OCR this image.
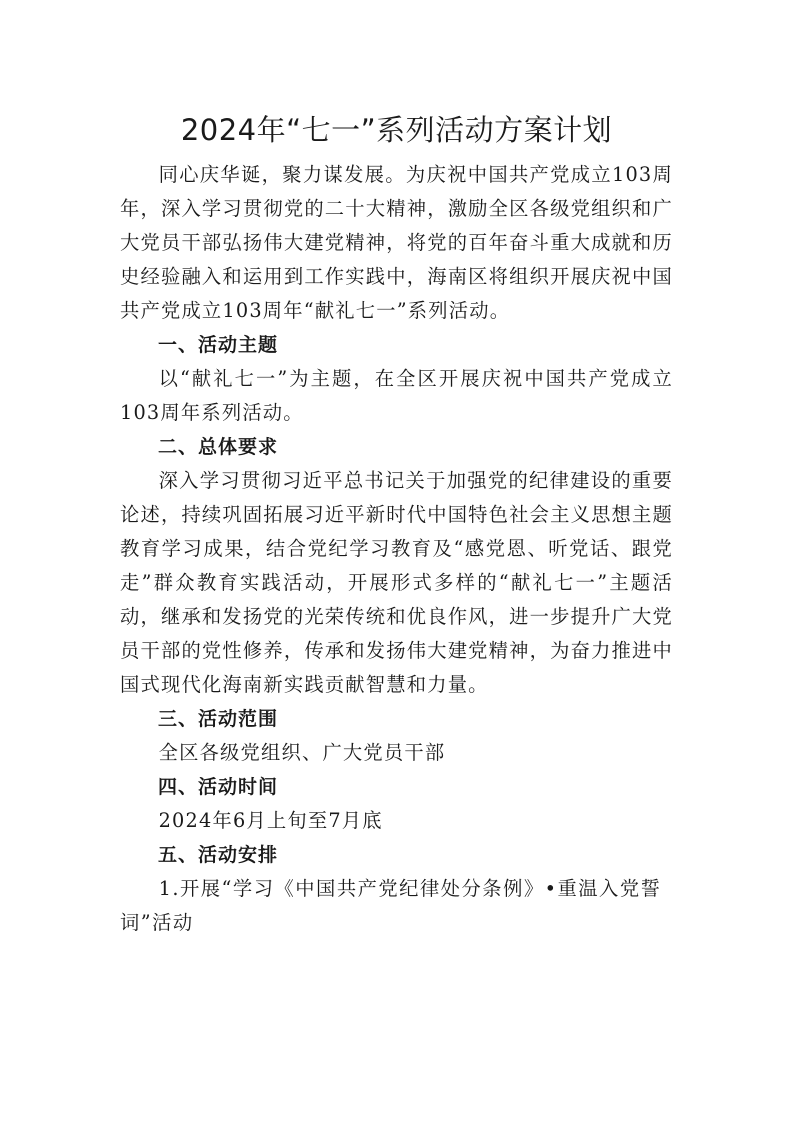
2024年“七一”系列活动方案计划

同心庆华诞，聚力谋发展。为庆祝中国共产党成立103周年，深入学习贯彻党的二十大精神，激励全区各级党组织和广大党员干部弘扬伟大建党精神，将党的百年奋斗重大成就和历史经验融入和运用到工作实践中，海南区将组织开展庆祝中国共产党成立103周年“献礼七一”系列活动。

一、活动主题

以“献礼七一”为主题，在全区开展庆祝中国共产党成立103周年系列活动。

二、总体要求

深入学习贯彻习近平总书记关于加强党的纪律建设的重要论述，持续巩固拓展习近平新时代中国特色社会主义思想主题教育学习成果，结合党纪学习教育及“感党恩、听党话、跟党走”群众教育实践活动，开展形式多样的“献礼七一”主题活动，继承和发扬党的光荣传统和优良作风，进一步提升广大党员干部的党性修养，传承和发扬伟大建党精神，为奋力推进中国式现代化海南新实践贡献智慧和力量。

三、活动范围

全区各级党组织、广大党员干部

四、活动时间

2024年6月上旬至7月底

五、活动安排

1.开展“学习《中国共产党纪律处分条例》•重温入党誓词”活动
